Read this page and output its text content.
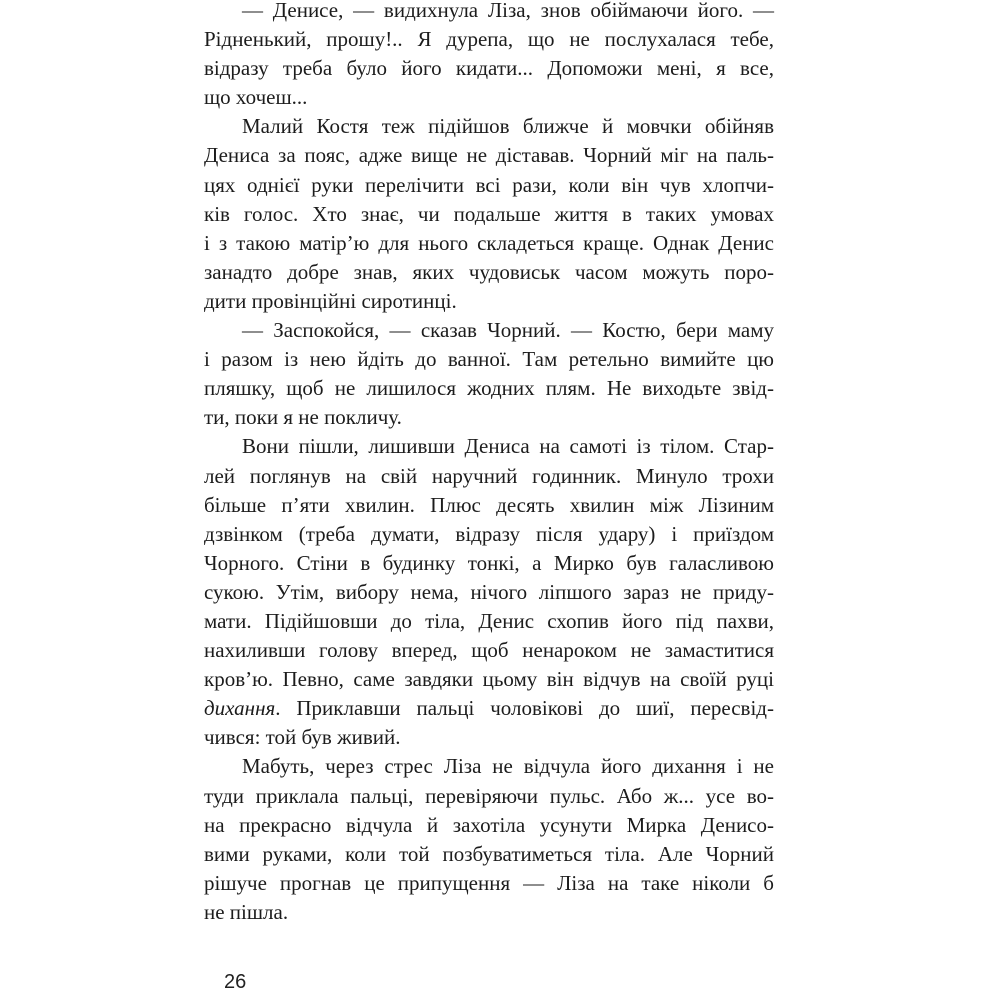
— Денисе, — видихнула Ліза, знов обіймаючи його. —
Рідненький, прошу!.. Я дурепа, що не послухалася тебе,
відразу треба було його кидати... Допоможи мені, я все,
що хочеш...
Малий Костя теж підійшов ближче й мовчки обійняв
Дениса за пояс, адже вище не діставав. Чорний міг на паль-
цях однієї руки перелічити всі рази, коли він чув хлопчи-
ків голос. Хто знає, чи подальше життя в таких умовах
і з такою матір’ю для нього складеться краще. Однак Денис
занадто добре знав, яких чудовиськ часом можуть поро-
дити провінційні сиротинці.
— Заспокойся, — сказав Чорний. — Костю, бери маму
і разом із нею йдіть до ванної. Там ретельно вимийте цю
пляшку, щоб не лишилося жодних плям. Не виходьте звід-
ти, поки я не покличу.
Вони пішли, лишивши Дениса на самоті із тілом. Стар-
лей поглянув на свій наручний годинник. Минуло трохи
більше п’яти хвилин. Плюс десять хвилин між Лізиним
дзвінком (треба думати, відразу після удару) і приїздом
Чорного. Стіни в будинку тонкі, а Мирко був галасливою
сукою. Утім, вибору нема, нічого ліпшого зараз не приду-
мати. Підійшовши до тіла, Денис схопив його під пахви,
нахиливши голову вперед, щоб ненароком не замаститися
кров’ю. Певно, саме завдяки цьому він відчув на своїй руці
дихання. Приклавши пальці чоловікові до шиї, пересвід-
чився: той був живий.
Мабуть, через стрес Ліза не відчула його дихання і не
туди приклала пальці, перевіряючи пульс. Або ж... усе во-
на прекрасно відчула й захотіла усунути Мирка Денисо-
вими руками, коли той позбуватиметься тіла. Але Чорний
рішуче прогнав це припущення — Ліза на таке ніколи б
не пішла.
26
